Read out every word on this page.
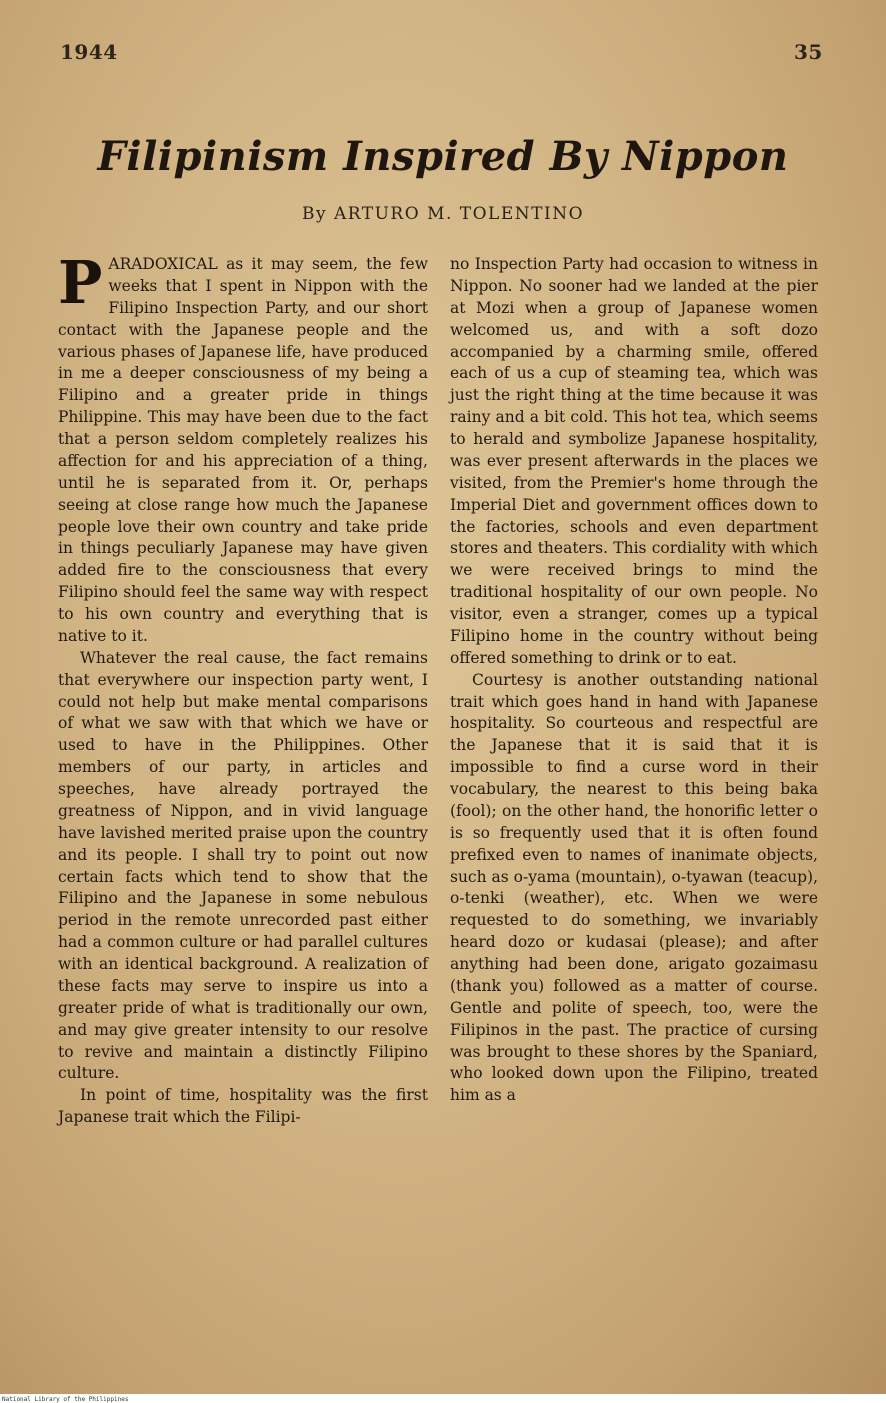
1944	35
Filipinism Inspired By Nippon

By ARTURO M. TOLENTINO

PARADOXICAL as it may seem, the few weeks that I spent in Nippon with the Filipino Inspection Party, and our short contact with the Japanese people and the various phases of Japanese life, have produced in me a deeper consciousness of my being a Filipino and a greater pride in things Philippine. This may have been due to the fact that a person seldom completely realizes his affection for and his appreciation of a thing, until he is separated from it. Or, perhaps seeing at close range how much the Japanese people love their own country and take pride in things peculiarly Japanese may have given added fire to the consciousness that every Filipino should feel the same way with respect to his own country and everything that is native to it.

Whatever the real cause, the fact remains that everywhere our inspection party went, I could not help but make mental comparisons of what we saw with that which we have or used to have in the Philippines. Other members of our party, in articles and speeches, have already portrayed the greatness of Nippon, and in vivid language have lavished merited praise upon the country and its people. I shall try to point out now certain facts which tend to show that the Filipino and the Japanese in some nebulous period in the remote unrecorded past either had a common culture or had parallel cultures with an identical background. A realization of these facts may serve to inspire us into a greater pride of what is traditionally our own, and may give greater intensity to our resolve to revive and maintain a distinctly Filipino culture.

In point of time, hospitality was the first Japanese trait which the Filipi-

no Inspection Party had occasion to witness in Nippon. No sooner had we landed at the pier at Mozi when a group of Japanese women welcomed us, and with a soft dozo accompanied by a charming smile, offered each of us a cup of steaming tea, which was just the right thing at the time because it was rainy and a bit cold. This hot tea, which seems to herald and symbolize Japanese hospitality, was ever present afterwards in the places we visited, from the Premier's home through the Imperial Diet and government offices down to the factories, schools and even department stores and theaters. This cordiality with which we were received brings to mind the traditional hospitality of our own people. No visitor, even a stranger, comes up a typical Filipino home in the country without being offered something to drink or to eat.

Courtesy is another outstanding national trait which goes hand in hand with Japanese hospitality. So courteous and respectful are the Japanese that it is said that it is impossible to find a curse word in their vocabulary, the nearest to this being baka (fool); on the other hand, the honorific letter o is so frequently used that it is often found prefixed even to names of inanimate objects, such as o-yama (mountain), o-tyawan (teacup), o-tenki (weather), etc. When we were requested to do something, we invariably heard dozo or kudasai (please); and after anything had been done, arigato gozaimasu (thank you) followed as a matter of course. Gentle and polite of speech, too, were the Filipinos in the past. The practice of cursing was brought to these shores by the Spaniard, who looked down upon the Filipino, treated him as a

National Library of the Philippines
